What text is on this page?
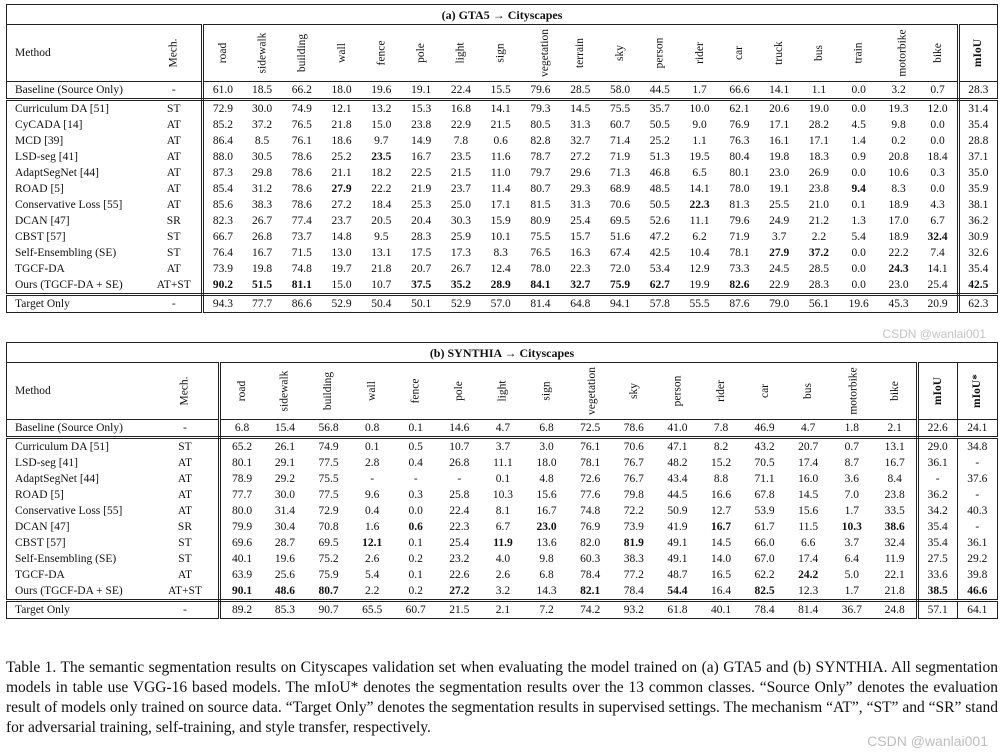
(a) GTA5 → Cityscapes																					
Method	Mech.	road	sidewalk	building	wall	fence	pole	light	sign	vegetation	terrain	sky	person	rider	car	truck	bus	train	motorbike	bike	mIoU
Baseline (Source Only)	-	61.0	18.5	66.2	18.0	19.6	19.1	22.4	15.5	79.6	28.5	58.0	44.5	1.7	66.6	14.1	1.1	0.0	3.2	0.7	28.3
Curriculum DA [51]	ST	72.9	30.0	74.9	12.1	13.2	15.3	16.8	14.1	79.3	14.5	75.5	35.7	10.0	62.1	20.6	19.0	0.0	19.3	12.0	31.4
CyCADA [14]	AT	85.2	37.2	76.5	21.8	15.0	23.8	22.9	21.5	80.5	31.3	60.7	50.5	9.0	76.9	17.1	28.2	4.5	9.8	0.0	35.4
MCD [39]	AT	86.4	8.5	76.1	18.6	9.7	14.9	7.8	0.6	82.8	32.7	71.4	25.2	1.1	76.3	16.1	17.1	1.4	0.2	0.0	28.8
LSD-seg [41]	AT	88.0	30.5	78.6	25.2	23.5	16.7	23.5	11.6	78.7	27.2	71.9	51.3	19.5	80.4	19.8	18.3	0.9	20.8	18.4	37.1
AdaptSegNet [44]	AT	87.3	29.8	78.6	21.1	18.2	22.5	21.5	11.0	79.7	29.6	71.3	46.8	6.5	80.1	23.0	26.9	0.0	10.6	0.3	35.0
ROAD [5]	AT	85.4	31.2	78.6	27.9	22.2	21.9	23.7	11.4	80.7	29.3	68.9	48.5	14.1	78.0	19.1	23.8	9.4	8.3	0.0	35.9
Conservative Loss [55]	AT	85.6	38.3	78.6	27.2	18.4	25.3	25.0	17.1	81.5	31.3	70.6	50.5	22.3	81.3	25.5	21.0	0.1	18.9	4.3	38.1
DCAN [47]	SR	82.3	26.7	77.4	23.7	20.5	20.4	30.3	15.9	80.9	25.4	69.5	52.6	11.1	79.6	24.9	21.2	1.3	17.0	6.7	36.2
CBST [57]	ST	66.7	26.8	73.7	14.8	9.5	28.3	25.9	10.1	75.5	15.7	51.6	47.2	6.2	71.9	3.7	2.2	5.4	18.9	32.4	30.9
Self-Ensembling (SE)	ST	76.4	16.7	71.5	13.0	13.1	17.5	17.3	8.3	76.5	16.3	67.4	42.5	10.4	78.1	27.9	37.2	0.0	22.2	7.4	32.6
TGCF-DA	AT	73.9	19.8	74.8	19.7	21.8	20.7	26.7	12.4	78.0	22.3	72.0	53.4	12.9	73.3	24.5	28.5	0.0	24.3	14.1	35.4
Ours (TGCF-DA + SE)	AT+ST	90.2	51.5	81.1	15.0	10.7	37.5	35.2	28.9	84.1	32.7	75.9	62.7	19.9	82.6	22.9	28.3	0.0	23.0	25.4	42.5
Target Only	-	94.3	77.7	86.6	52.9	50.4	50.1	52.9	57.0	81.4	64.8	94.1	57.8	55.5	87.6	79.0	56.1	19.6	45.3	20.9	62.3
(b) SYNTHIA → Cityscapes																			
Method	Mech.	road	sidewalk	building	wall	fence	pole	light	sign	vegetation	sky	person	rider	car	bus	motorbike	bike	mIoU	mIoU*
Baseline (Source Only)	-	6.8	15.4	56.8	0.8	0.1	14.6	4.7	6.8	72.5	78.6	41.0	7.8	46.9	4.7	1.8	2.1	22.6	24.1
Curriculum DA [51]	ST	65.2	26.1	74.9	0.1	0.5	10.7	3.7	3.0	76.1	70.6	47.1	8.2	43.2	20.7	0.7	13.1	29.0	34.8
LSD-seg [41]	AT	80.1	29.1	77.5	2.8	0.4	26.8	11.1	18.0	78.1	76.7	48.2	15.2	70.5	17.4	8.7	16.7	36.1	-
AdaptSegNet [44]	AT	78.9	29.2	75.5	-	-	-	0.1	4.8	72.6	76.7	43.4	8.8	71.1	16.0	3.6	8.4	-	37.6
ROAD [5]	AT	77.7	30.0	77.5	9.6	0.3	25.8	10.3	15.6	77.6	79.8	44.5	16.6	67.8	14.5	7.0	23.8	36.2	-
Conservative Loss [55]	AT	80.0	31.4	72.9	0.4	0.0	22.4	8.1	16.7	74.8	72.2	50.9	12.7	53.9	15.6	1.7	33.5	34.2	40.3
DCAN [47]	SR	79.9	30.4	70.8	1.6	0.6	22.3	6.7	23.0	76.9	73.9	41.9	16.7	61.7	11.5	10.3	38.6	35.4	-
CBST [57]	ST	69.6	28.7	69.5	12.1	0.1	25.4	11.9	13.6	82.0	81.9	49.1	14.5	66.0	6.6	3.7	32.4	35.4	36.1
Self-Ensembling (SE)	ST	40.1	19.6	75.2	2.6	0.2	23.2	4.0	9.8	60.3	38.3	49.1	14.0	67.0	17.4	6.4	11.9	27.5	29.2
TGCF-DA	AT	63.9	25.6	75.9	5.4	0.1	22.6	2.6	6.8	78.4	77.2	48.7	16.5	62.2	24.2	5.0	22.1	33.6	39.8
Ours (TGCF-DA + SE)	AT+ST	90.1	48.6	80.7	2.2	0.2	27.2	3.2	14.3	82.1	78.4	54.4	16.4	82.5	12.3	1.7	21.8	38.5	46.6
Target Only	-	89.2	85.3	90.7	65.5	60.7	21.5	2.1	7.2	74.2	93.2	61.8	40.1	78.4	81.4	36.7	24.8	57.1	64.1
Table 1. The semantic segmentation results on Cityscapes validation set when evaluating the model trained on (a) GTA5 and (b) SYNTHIA. All segmentation models in table use VGG-16 based models. The mIoU* denotes the segmentation results over the 13 common classes. “Source Only” denotes the evaluation result of models only trained on source data. “Target Only” denotes the segmentation results in supervised settings. The mechanism “AT”, “ST” and “SR” stand for adversarial training, self-training, and style transfer, respectively.
CSDN @wanlai001
CSDN @wanlai001
